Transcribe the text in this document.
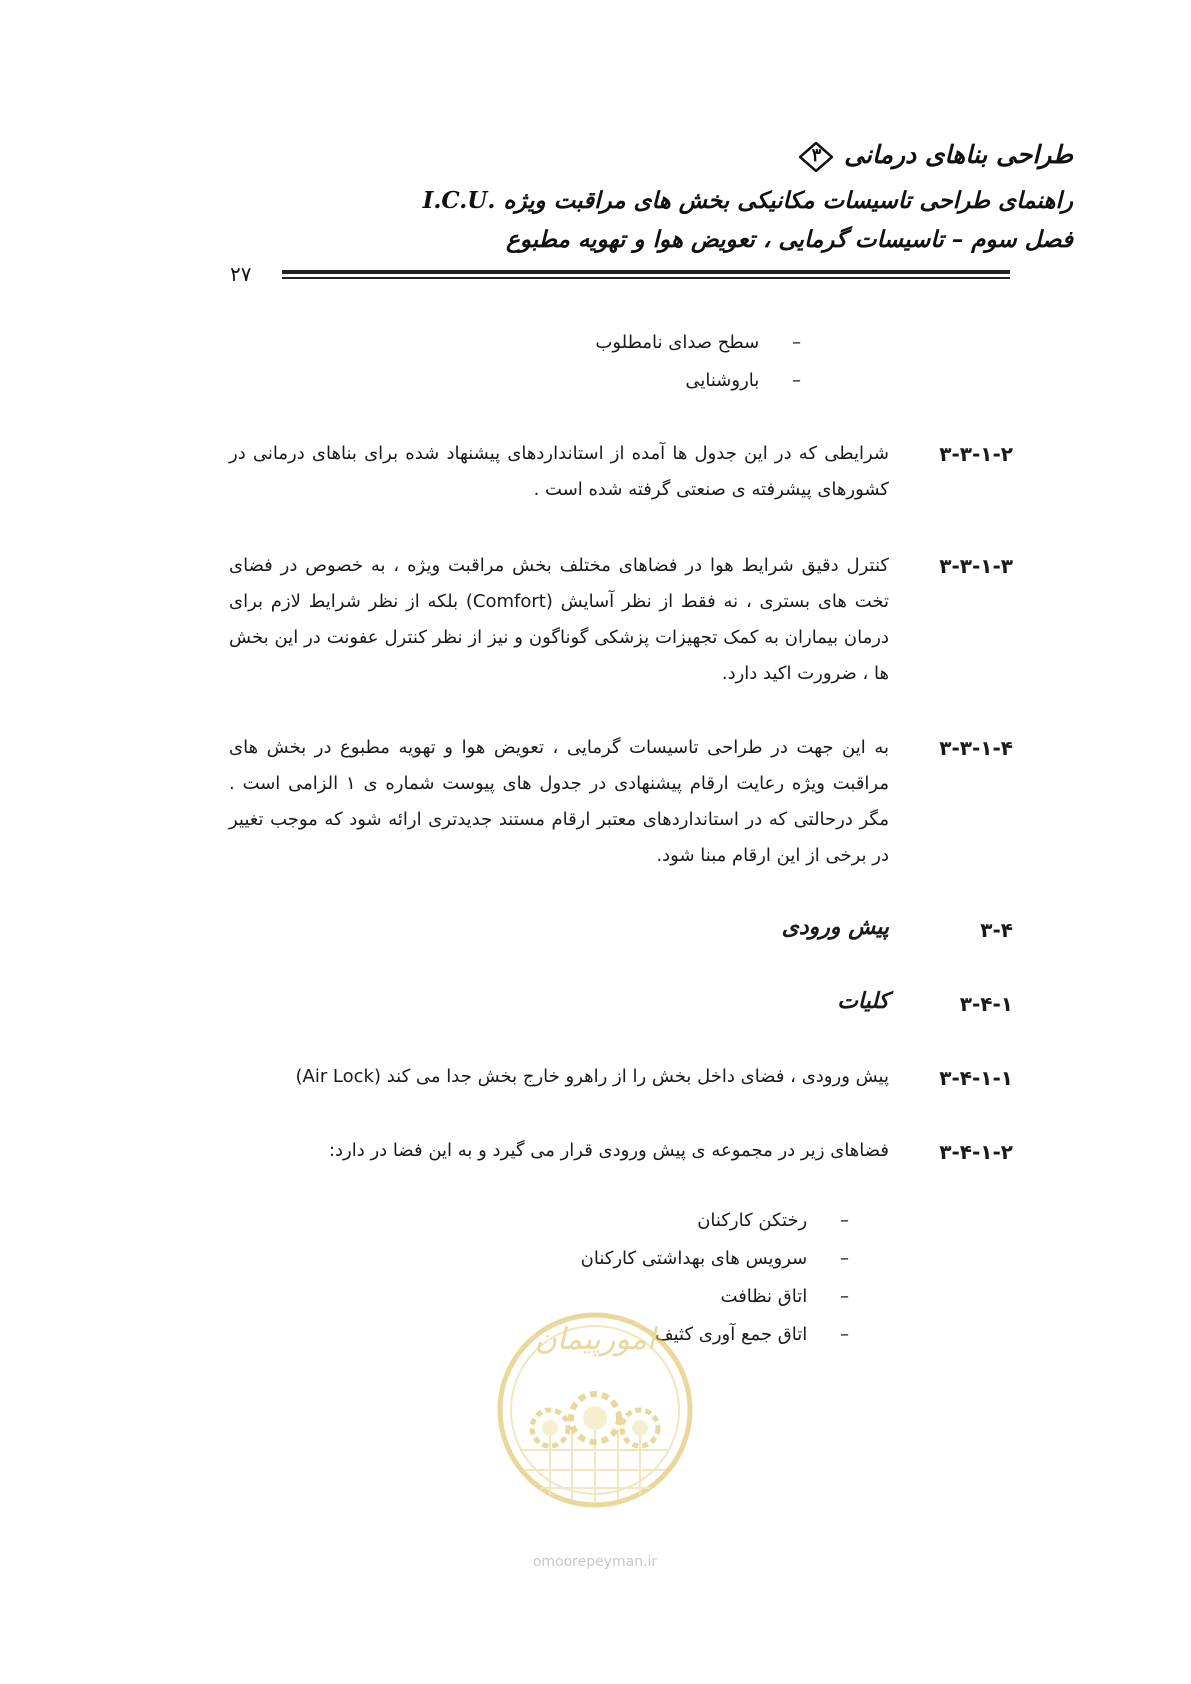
طراحی بناهای درمانی
۳
راهنمای طراحی تاسیسات مکانیکی بخش های مراقبت ویژه .I.C.U
فصل سوم – تاسیسات گرمایی ، تعویض هوا و تهویه مطبوع
۲۷
– سطح صدای نامطلوب
– باروشنایی
۳-۳-۱-۲
شرایطی که در این جدول ها آمده از استانداردهای پیشنهاد شده برای بناهای درمانی در کشورهای پیشرفته ی صنعتی گرفته شده است .
۳-۳-۱-۳
کنترل دقیق شرایط هوا در فضاهای مختلف بخش مراقبت ویژه ، به خصوص در فضای تخت های بستری ، نه فقط از نظر آسایش (Comfort) بلکه از نظر شرایط لازم برای درمان بیماران به کمک تجهیزات پزشکی گوناگون و نیز از نظر کنترل عفونت در این بخش ها ، ضرورت اکید دارد.
۳-۳-۱-۴
به این جهت در طراحی تاسیسات گرمایی ، تعویض هوا و تهویه مطبوع در بخش های مراقبت ویژه رعایت ارقام پیشنهادی در جدول های پیوست شماره ی ۱ الزامی است . مگر درحالتی که در استانداردهای معتبر ارقام مستند جدیدتری ارائه شود که موجب تغییر در برخی از این ارقام مبنا شود.
۳-۴
پیش ورودی
۳-۴-۱
کلیات
۳-۴-۱-۱
پیش ورودی ، فضای داخل بخش را از راهرو خارج بخش جدا می کند (Air Lock)
۳-۴-۱-۲
فضاهای زیر در مجموعه ی پیش ورودی قرار می گیرد و به این فضا در دارد:
– رختکن کارکنان
– سرویس های بهداشتی کارکنان
– اتاق نظافت
– اتاق جمع آوری کثیف
امورپیمان
omoorepeyman.ir
